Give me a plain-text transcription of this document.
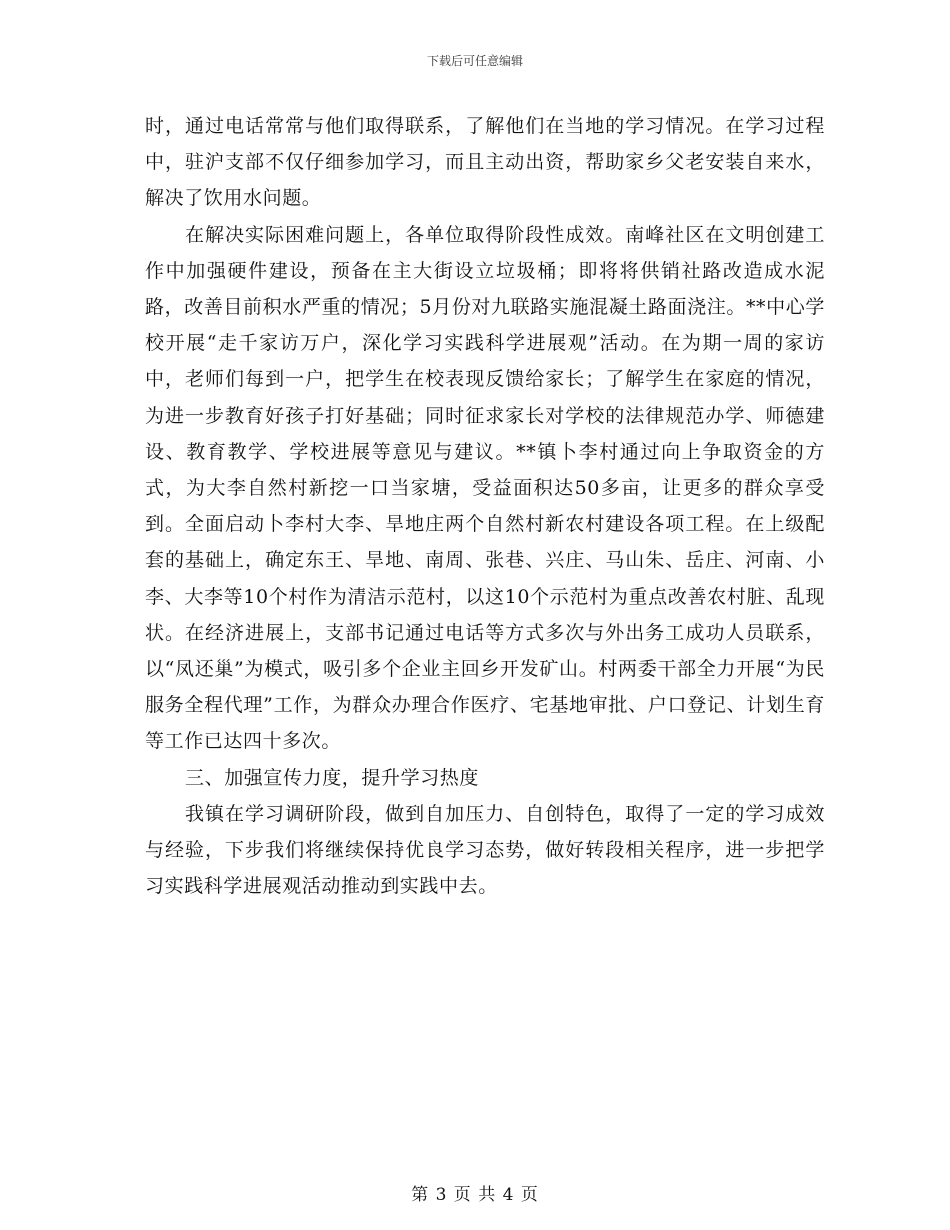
下载后可任意编辑

时，通过电话常常与他们取得联系，了解他们在当地的学习情况。在学习过程中，驻沪支部不仅仔细参加学习，而且主动出资，帮助家乡父老安装自来水，解决了饮用水问题。

在解决实际困难问题上，各单位取得阶段性成效。南峰社区在文明创建工作中加强硬件建设，预备在主大街设立垃圾桶；即将将供销社路改造成水泥路，改善目前积水严重的情况；5月份对九联路实施混凝土路面浇注。**中心学校开展“走千家访万户，深化学习实践科学进展观”活动。在为期一周的家访中，老师们每到一户，把学生在校表现反馈给家长；了解学生在家庭的情况，为进一步教育好孩子打好基础；同时征求家长对学校的法律规范办学、师德建设、教育教学、学校进展等意见与建议。**镇卜李村通过向上争取资金的方式，为大李自然村新挖一口当家塘，受益面积达50多亩，让更多的群众享受到。全面启动卜李村大李、旱地庄两个自然村新农村建设各项工程。在上级配套的基础上，确定东王、旱地、南周、张巷、兴庄、马山朱、岳庄、河南、小李、大李等10个村作为清洁示范村，以这10个示范村为重点改善农村脏、乱现状。在经济进展上，支部书记通过电话等方式多次与外出务工成功人员联系，以“凤还巢”为模式，吸引多个企业主回乡开发矿山。村两委干部全力开展“为民服务全程代理”工作，为群众办理合作医疗、宅基地审批、户口登记、计划生育等工作已达四十多次。

三、加强宣传力度，提升学习热度

我镇在学习调研阶段，做到自加压力、自创特色，取得了一定的学习成效与经验，下步我们将继续保持优良学习态势，做好转段相关程序，进一步把学习实践科学进展观活动推动到实践中去。

第 3 页 共 4 页
